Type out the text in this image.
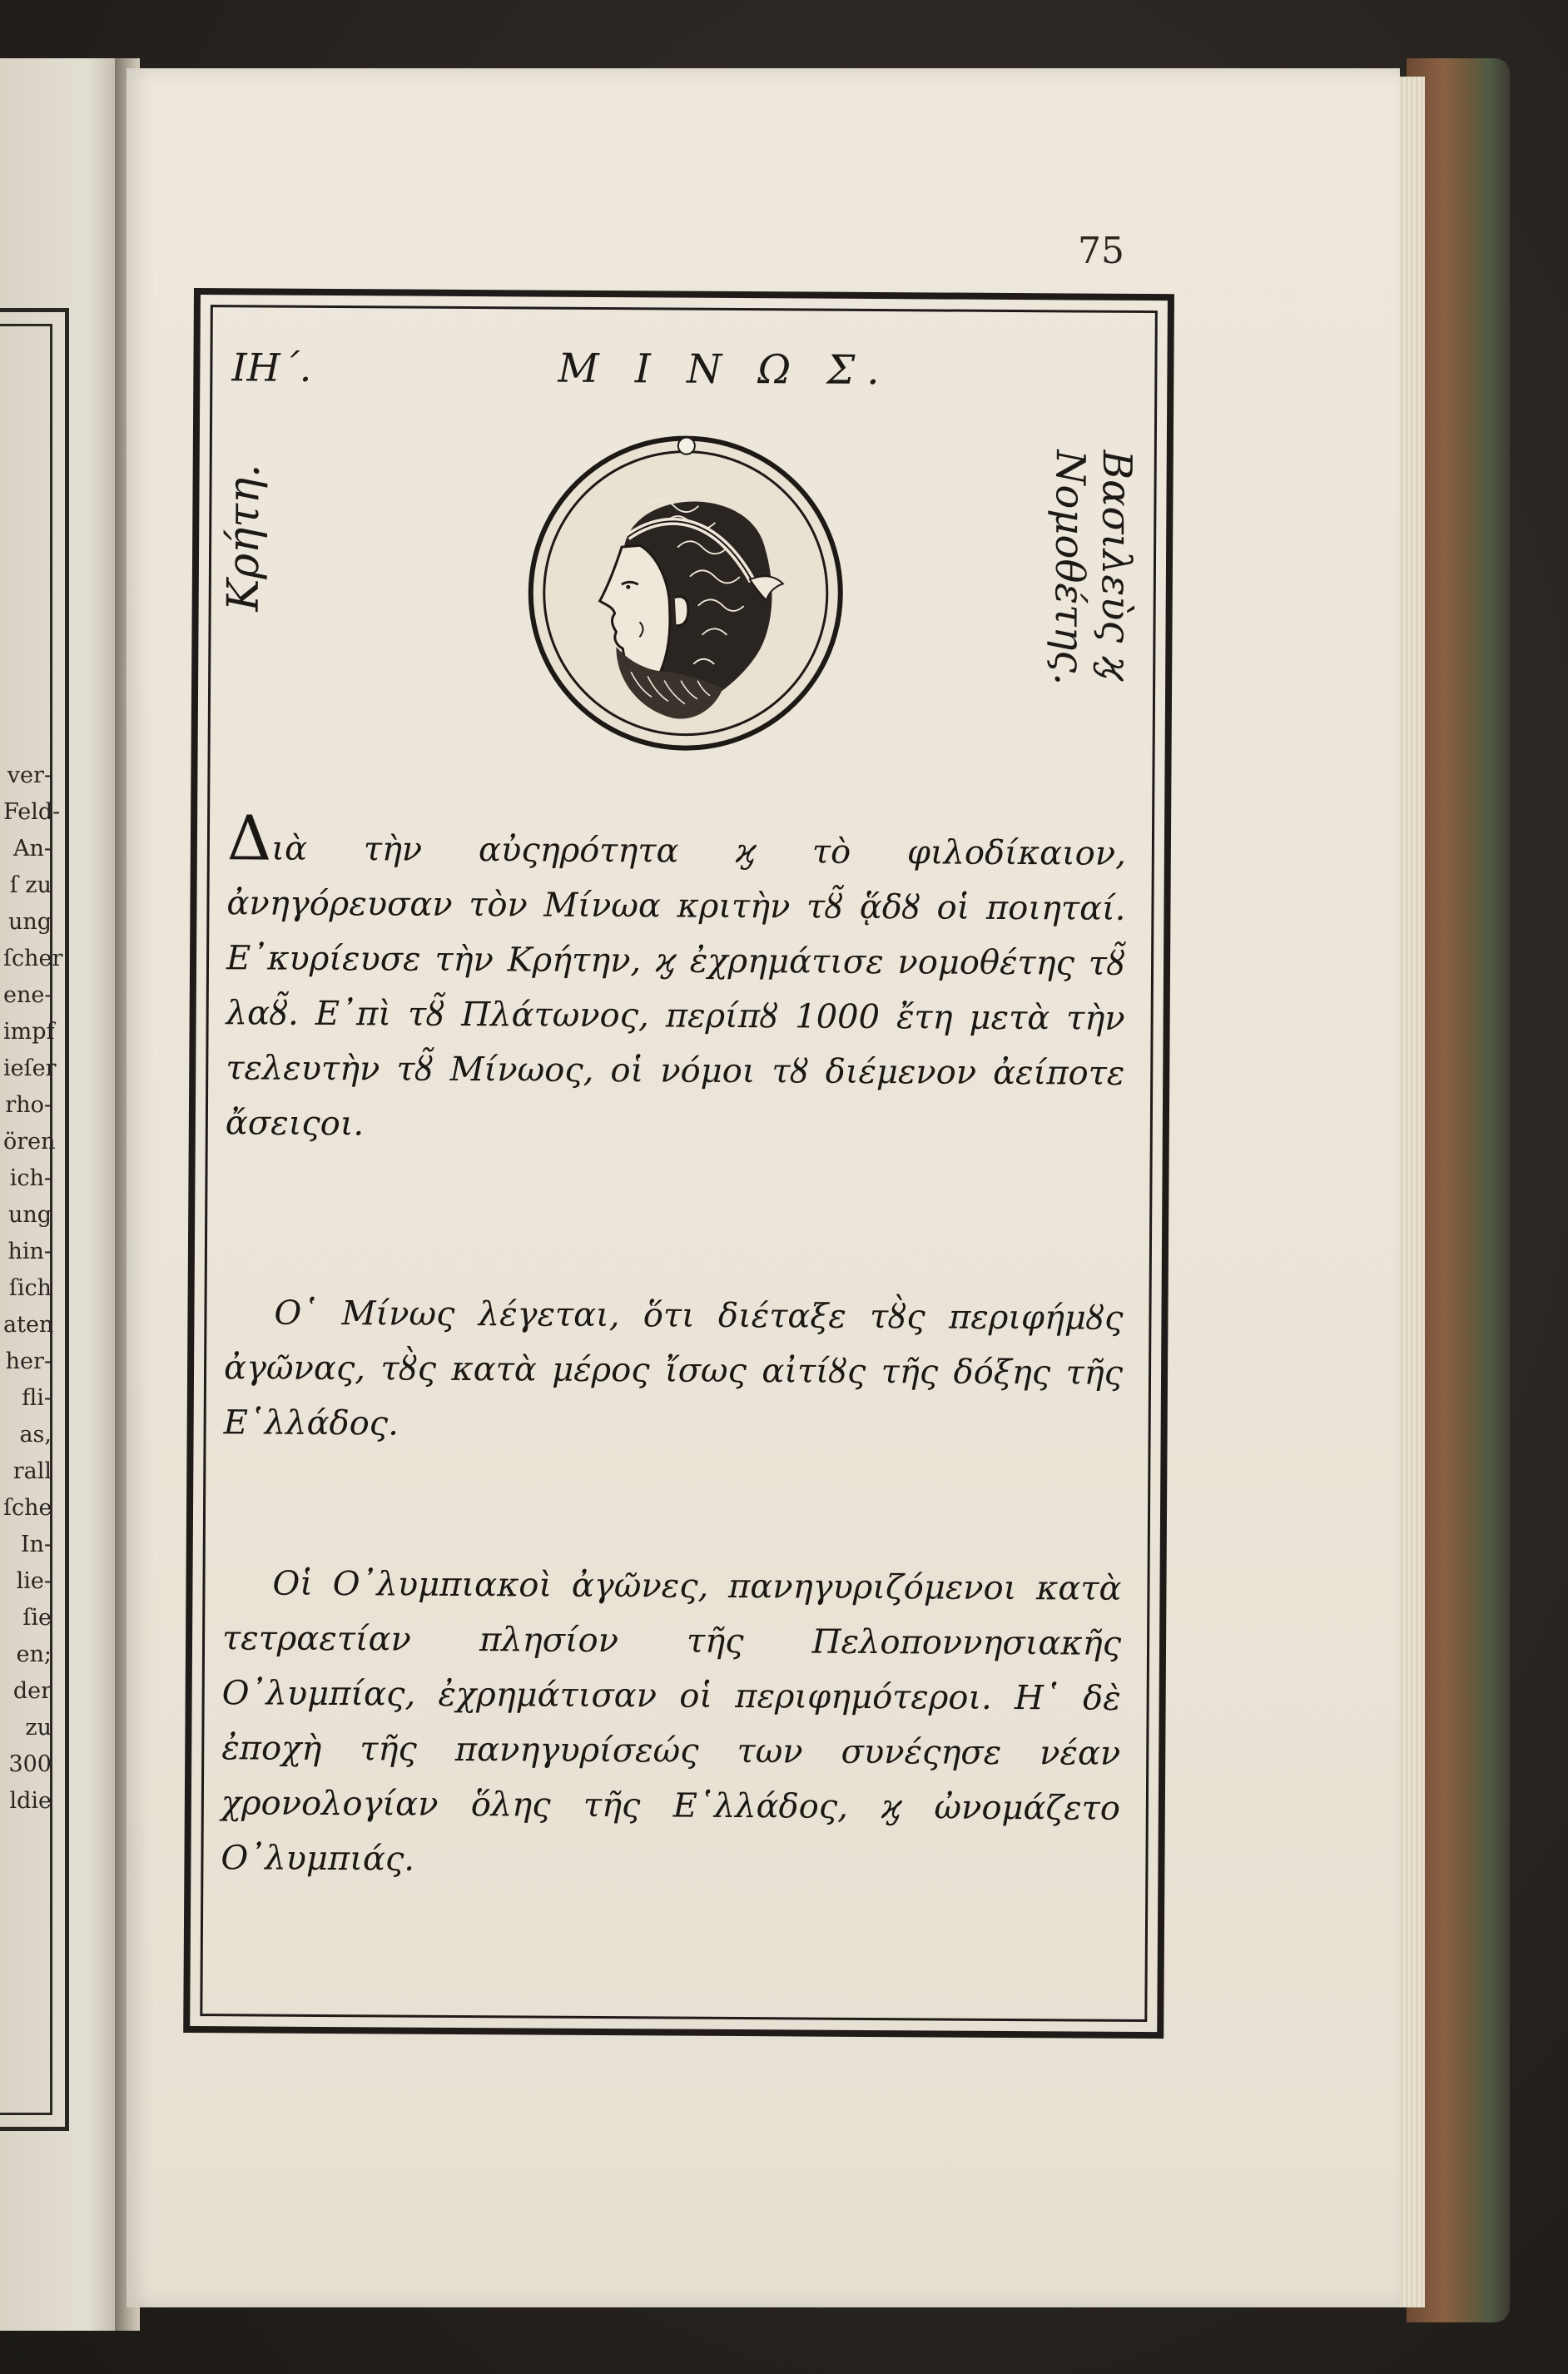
ver-
Feld-
An-
ſ zu
ung
ſcher
ene-
impf
ieſer
rho-
ören
ich-
ung
hin-
ſich
aten
her-
fli-
as,
rall
ſche
In-
lie-
ſie
en;
der
zu
300
ldie
75
ΙΗ΄.	Μ Ι Ν Ω Σ.
Κρήτη.	Βασιλεὺς ϗ
Νομοθέτης.
Διὰ τὴν αὐςηρότητα ϗ τὸ φιλοδίκαιον, ἀνηγόρευσαν τὸν Μίνωα κριτὴν τȣ̃ ᾅδȣ οἱ ποιηταί. Ε᾿κυρίευσε τὴν Κρήτην, ϗ ἐχρημάτισε νομοθέτης τȣ̃ λαȣ̃. Ε᾿πὶ τȣ̃ Πλάτωνος, περίπȣ 1000 ἔτη μετὰ τὴν τελευτὴν τȣ̃ Μίνωος, οἱ νόμοι τȣ διέμενον ἀείποτε ἄσειςοι.
Ο῾ Μίνως λέγεται, ὅτι διέταξε τȣ̀ς περιφήμȣς ἀγῶνας, τȣ̀ς κατὰ μέρος ἴσως αἰτίȣς τῆς δόξης τῆς Ε῾λλάδος.
Οἱ Ο᾿λυμπιακοὶ ἀγῶνες, πανηγυριζόμενοι κατὰ τετραετίαν πλησίον τῆς Πελοποννησιακῆς Ο᾿λυμπίας, ἐχρημάτισαν οἱ περιφημότεροι. Η῾ δὲ ἐποχὴ τῆς πανηγυρίσεώς των συνέςησε νέαν χρονολογίαν ὅλης τῆς Ε῾λλάδος, ϗ ὠνομάζετο Ο᾿λυμπιάς.
